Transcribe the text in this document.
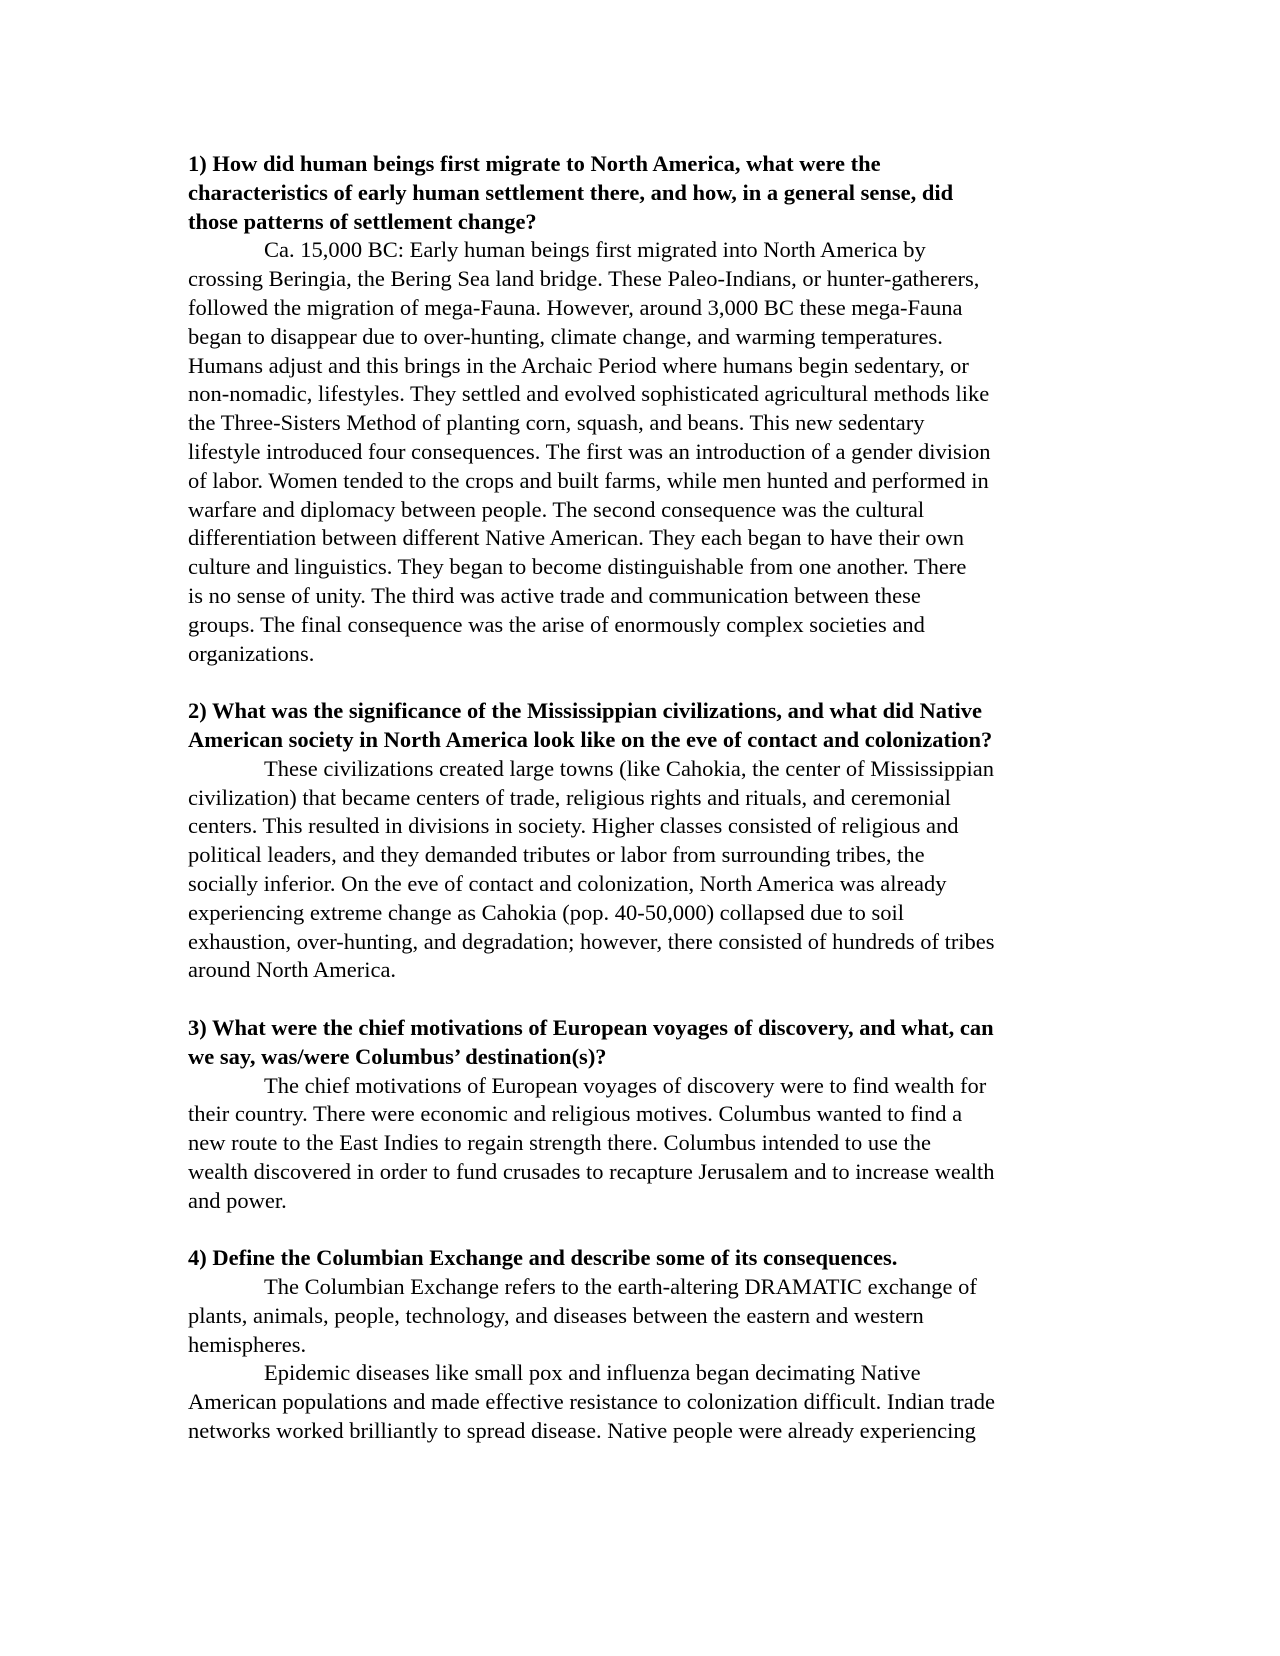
1) How did human beings first migrate to North America, what were the
characteristics of early human settlement there, and how, in a general sense, did
those patterns of settlement change?

Ca. 15,000 BC: Early human beings first migrated into North America by
crossing Beringia, the Bering Sea land bridge. These Paleo-Indians, or hunter-gatherers,
followed the migration of mega-Fauna. However, around 3,000 BC these mega-Fauna
began to disappear due to over-hunting, climate change, and warming temperatures.
Humans adjust and this brings in the Archaic Period where humans begin sedentary, or
non-nomadic, lifestyles. They settled and evolved sophisticated agricultural methods like
the Three-Sisters Method of planting corn, squash, and beans. This new sedentary
lifestyle introduced four consequences. The first was an introduction of a gender division
of labor. Women tended to the crops and built farms, while men hunted and performed in
warfare and diplomacy between people. The second consequence was the cultural
differentiation between different Native American. They each began to have their own
culture and linguistics. They began to become distinguishable from one another. There
is no sense of unity. The third was active trade and communication between these
groups. The final consequence was the arise of enormously complex societies and
organizations.

2) What was the significance of the Mississippian civilizations, and what did Native
American society in North America look like on the eve of contact and colonization?

These civilizations created large towns (like Cahokia, the center of Mississippian
civilization) that became centers of trade, religious rights and rituals, and ceremonial
centers. This resulted in divisions in society. Higher classes consisted of religious and
political leaders, and they demanded tributes or labor from surrounding tribes, the
socially inferior. On the eve of contact and colonization, North America was already
experiencing extreme change as Cahokia (pop. 40-50,000) collapsed due to soil
exhaustion, over-hunting, and degradation; however, there consisted of hundreds of tribes
around North America.

3) What were the chief motivations of European voyages of discovery, and what, can
we say, was/were Columbus’ destination(s)?

The chief motivations of European voyages of discovery were to find wealth for
their country. There were economic and religious motives. Columbus wanted to find a
new route to the East Indies to regain strength there. Columbus intended to use the
wealth discovered in order to fund crusades to recapture Jerusalem and to increase wealth
and power.

4) Define the Columbian Exchange and describe some of its consequences.

The Columbian Exchange refers to the earth-altering DRAMATIC exchange of
plants, animals, people, technology, and diseases between the eastern and western
hemispheres.

Epidemic diseases like small pox and influenza began decimating Native
American populations and made effective resistance to colonization difficult. Indian trade
networks worked brilliantly to spread disease. Native people were already experiencing
